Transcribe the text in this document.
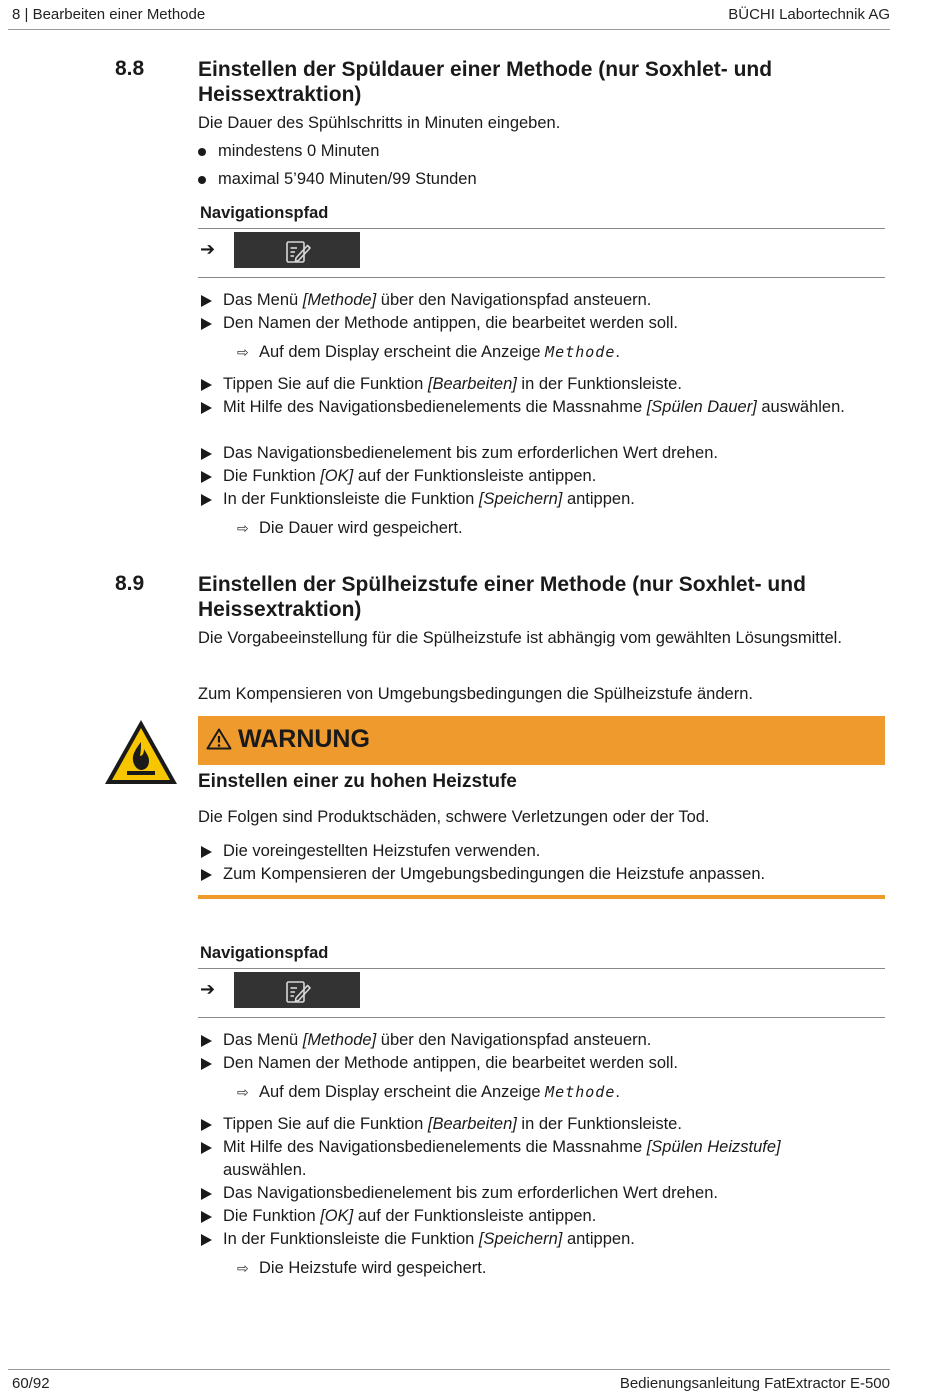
8 | Bearbeiten einer Methode	BÜCHI Labortechnik AG
8.8	Einstellen der Spüldauer einer Methode (nur Soxhlet- und Heissextraktion)
Die Dauer des Spühlschritts in Minuten eingeben.
mindestens 0 Minuten
maximal 5’940 Minuten/99 Stunden
Navigationspfad
➔
Das Menü [Methode] über den Navigationspfad ansteuern.
Den Namen der Methode antippen, die bearbeitet werden soll.
⇨ Auf dem Display erscheint die Anzeige Methode.
Tippen Sie auf die Funktion [Bearbeiten] in der Funktionsleiste.
Mit Hilfe des Navigationsbedienelements die Massnahme [Spülen Dauer] auswählen.
Das Navigationsbedienelement bis zum erforderlichen Wert drehen.
Die Funktion [OK] auf der Funktionsleiste antippen.
In der Funktionsleiste die Funktion [Speichern] antippen.
⇨ Die Dauer wird gespeichert.
8.9	Einstellen der Spülheizstufe einer Methode (nur Soxhlet- und Heissextraktion)
Die Vorgabeeinstellung für die Spülheizstufe ist abhängig vom gewählten Lösungsmittel.
Zum Kompensieren von Umgebungsbedingungen die Spülheizstufe ändern.
WARNUNG
Einstellen einer zu hohen Heizstufe
Die Folgen sind Produktschäden, schwere Verletzungen oder der Tod.
Die voreingestellten Heizstufen verwenden.
Zum Kompensieren der Umgebungsbedingungen die Heizstufe anpassen.
Navigationspfad
➔
Das Menü [Methode] über den Navigationspfad ansteuern.
Den Namen der Methode antippen, die bearbeitet werden soll.
⇨ Auf dem Display erscheint die Anzeige Methode.
Tippen Sie auf die Funktion [Bearbeiten] in der Funktionsleiste.
Mit Hilfe des Navigationsbedienelements die Massnahme [Spülen Heizstufe] auswählen.
Das Navigationsbedienelement bis zum erforderlichen Wert drehen.
Die Funktion [OK] auf der Funktionsleiste antippen.
In der Funktionsleiste die Funktion [Speichern] antippen.
⇨ Die Heizstufe wird gespeichert.
60/92	Bedienungsanleitung FatExtractor E-500
